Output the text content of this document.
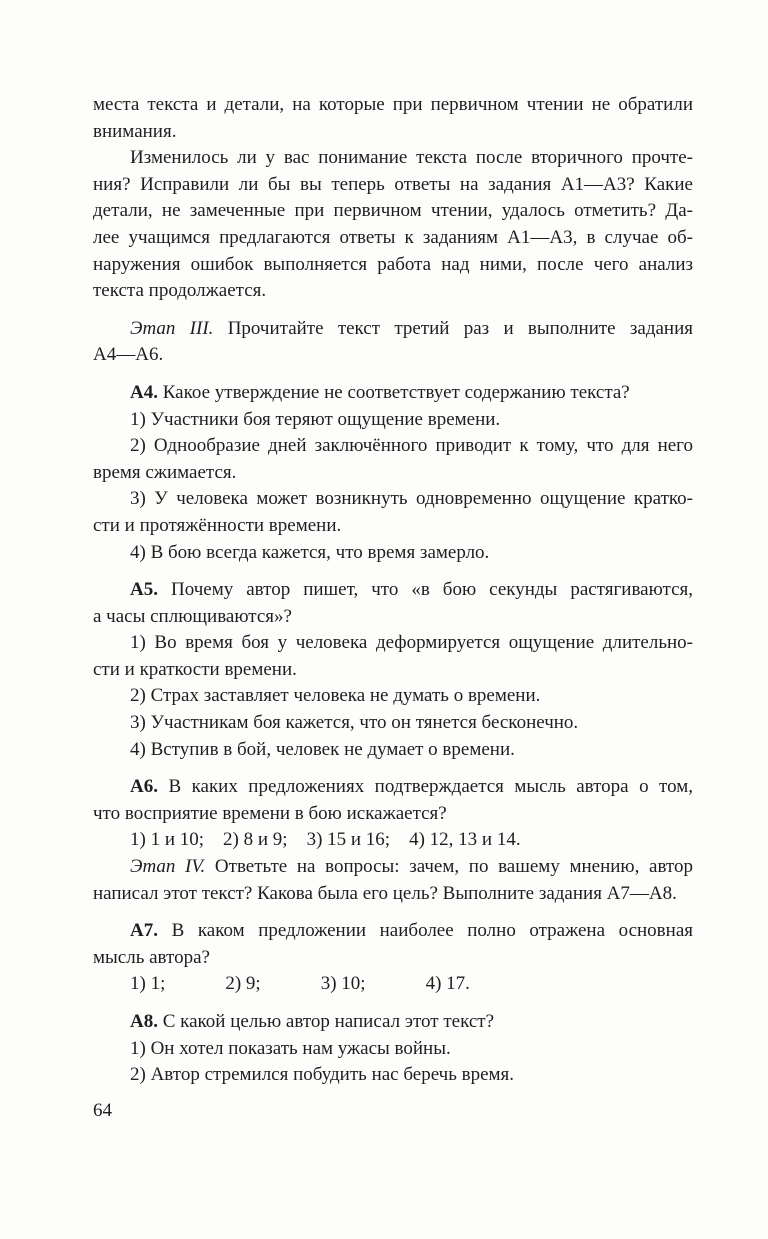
места текста и детали, на которые при первичном чтении не обратили
внимания.
Изменилось ли у вас понимание текста после вторичного прочте-
ния? Исправили ли бы вы теперь ответы на задания А1—А3? Какие
детали, не замеченные при первичном чтении, удалось отметить? Да-
лее учащимся предлагаются ответы к заданиям А1—А3, в случае об-
наружения ошибок выполняется работа над ними, после чего анализ
текста продолжается.
Этап III. Прочитайте текст третий раз и выполните задания
А4—А6.
А4. Какое утверждение не соответствует содержанию текста?
1) Участники боя теряют ощущение времени.
2) Однообразие дней заключённого приводит к тому, что для него
время сжимается.
3) У человека может возникнуть одновременно ощущение кратко-
сти и протяжённости времени.
4) В бою всегда кажется, что время замерло.
А5. Почему автор пишет, что «в бою секунды растягиваются,
а часы сплющиваются»?
1) Во время боя у человека деформируется ощущение длительно-
сти и краткости времени.
2) Страх заставляет человека не думать о времени.
3) Участникам боя кажется, что он тянется бесконечно.
4) Вступив в бой, человек не думает о времени.
А6. В каких предложениях подтверждается мысль автора о том,
что восприятие времени в бою искажается?
1) 1 и 10; 2) 8 и 9; 3) 15 и 16; 4) 12, 13 и 14.
Этап IV. Ответьте на вопросы: зачем, по вашему мнению, автор
написал этот текст? Какова была его цель? Выполните задания А7—А8.
А7. В каком предложении наиболее полно отражена основная
мысль автора?
1) 1;	2) 9;	3) 10;	4) 17.
А8. С какой целью автор написал этот текст?
1) Он хотел показать нам ужасы войны.
2) Автор стремился побудить нас беречь время.
64
